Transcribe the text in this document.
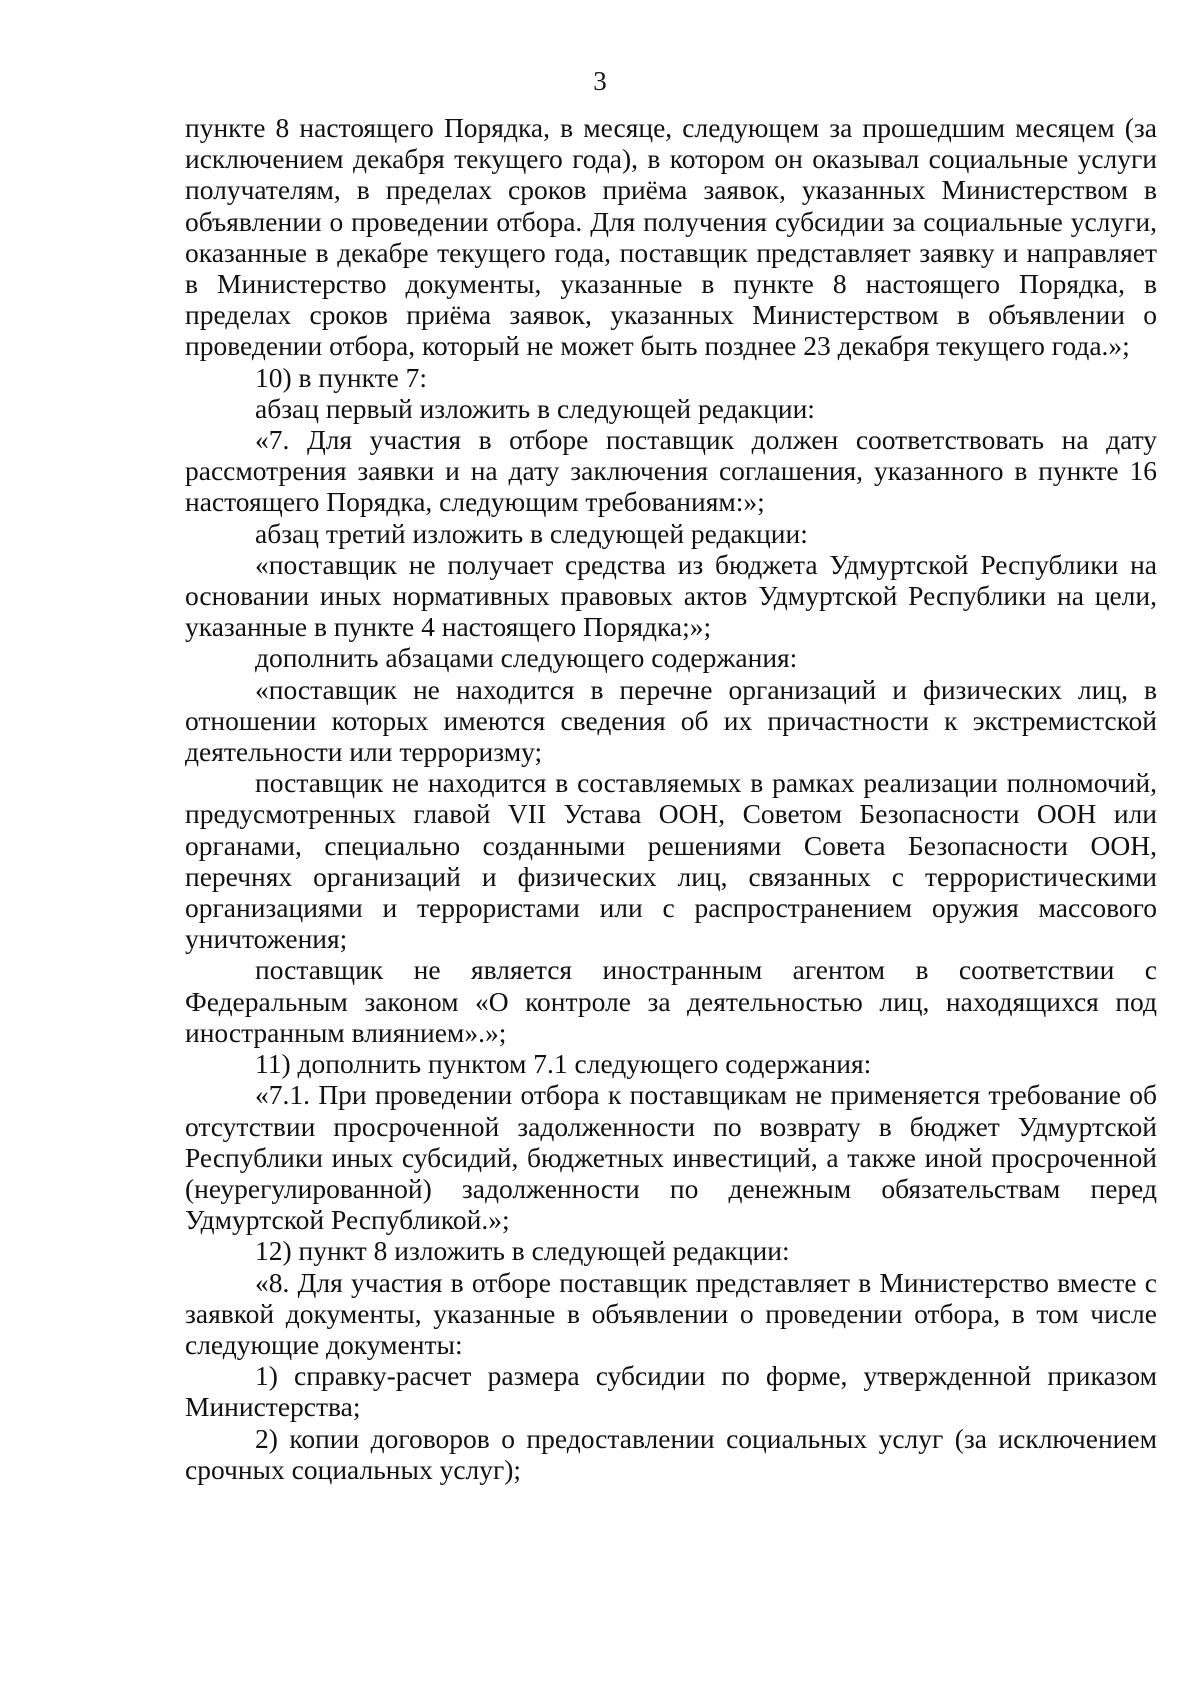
3

пункте 8 настоящего Порядка, в месяце, следующем за прошедшим месяцем (за исключением декабря текущего года), в котором он оказывал социальные услуги получателям, в пределах сроков приёма заявок, указанных Министерством в объявлении о проведении отбора. Для получения субсидии за социальные услуги, оказанные в декабре текущего года, поставщик представляет заявку и направляет в Министерство документы, указанные в пункте 8 настоящего Порядка, в пределах сроков приёма заявок, указанных Министерством в объявлении о проведении отбора, который не может быть позднее 23 декабря текущего года.»;

10) в пункте 7:

абзац первый изложить в следующей редакции:

«7. Для участия в отборе поставщик должен соответствовать на дату рассмотрения заявки и на дату заключения соглашения, указанного в пункте 16 настоящего Порядка, следующим требованиям:»;

абзац третий изложить в следующей редакции:

«поставщик не получает средства из бюджета Удмуртской Республики на основании иных нормативных правовых актов Удмуртской Республики на цели, указанные в пункте 4 настоящего Порядка;»;

дополнить абзацами следующего содержания:

«поставщик не находится в перечне организаций и физических лиц, в отношении которых имеются сведения об их причастности к экстремистской деятельности или терроризму;

поставщик не находится в составляемых в рамках реализации полномочий, предусмотренных главой VII Устава ООН, Советом Безопасности ООН или органами, специально созданными решениями Совета Безопасности ООН, перечнях организаций и физических лиц, связанных с террористическими организациями и террористами или с распространением оружия массового уничтожения;

поставщик не является иностранным агентом в соответствии с Федеральным законом «О контроле за деятельностью лиц, находящихся под иностранным влиянием».»;

11) дополнить пунктом 7.1 следующего содержания:

«7.1. При проведении отбора к поставщикам не применяется требование об отсутствии просроченной задолженности по возврату в бюджет Удмуртской Республики иных субсидий, бюджетных инвестиций, а также иной просроченной (неурегулированной) задолженности по денежным обязательствам перед Удмуртской Республикой.»;

12) пункт 8 изложить в следующей редакции:

«8. Для участия в отборе поставщик представляет в Министерство вместе с заявкой документы, указанные в объявлении о проведении отбора, в том числе следующие документы:

1) справку-расчет размера субсидии по форме, утвержденной приказом Министерства;

2) копии договоров о предоставлении социальных услуг (за исключением срочных социальных услуг);
